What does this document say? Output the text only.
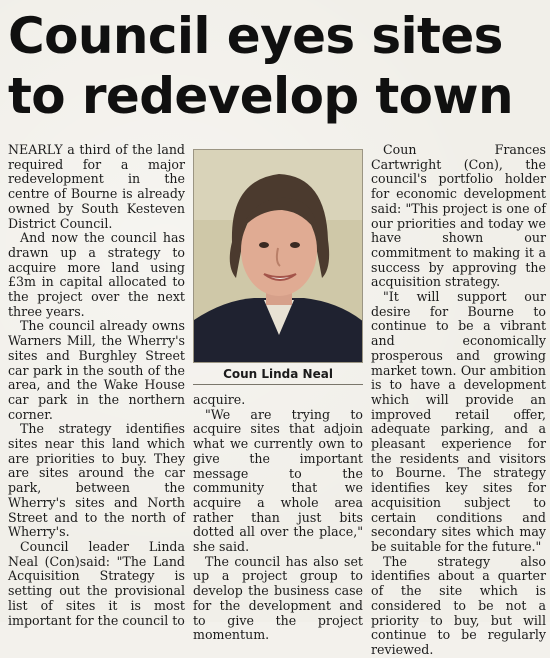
Council eyes sites
to redevelop town

NEARLY a third of the land required for a major redevelopment in the centre of Bourne is already owned by South Kesteven District Council.

And now the council has drawn up a strategy to acquire more land using £3m in capital allocated to the project over the next three years.

The council already owns Warners Mill, the Wherry's sites and Burghley Street car park in the south of the area, and the Wake House car park in the northern corner.

The strategy identifies sites near this land which are priorities to buy. They are sites around the car park, between the Wherry's sites and North Street and to the north of Wherry's.

Council leader Linda Neal (Con)said: "The Land Acquisition Strategy is setting out the provisional list of sites it is most important for the council to

Coun Linda Neal

acquire.

"We are trying to acquire sites that adjoin what we currently own to give the important message to the community that we acquire a whole area rather than just bits dotted all over the place," she said.

The council has also set up a project group to develop the business case for the development and to give the project momentum.

Coun Frances Cartwright (Con), the council's portfolio holder for economic development said: "This project is one of our priorities and today we have shown our commitment to making it a success by approving the acquisition strategy.

"It will support our desire for Bourne to continue to be a vibrant and economically prosperous and growing market town. Our ambition is to have a development which will provide an improved retail offer, adequate parking, and a pleasant experience for the residents and visitors to Bourne. The strategy identifies key sites for acquisition subject to certain conditions and secondary sites which may be suitable for the future."

The strategy also identifies about a quarter of the site which is considered to be not a priority to buy, but will continue to be regularly reviewed.
